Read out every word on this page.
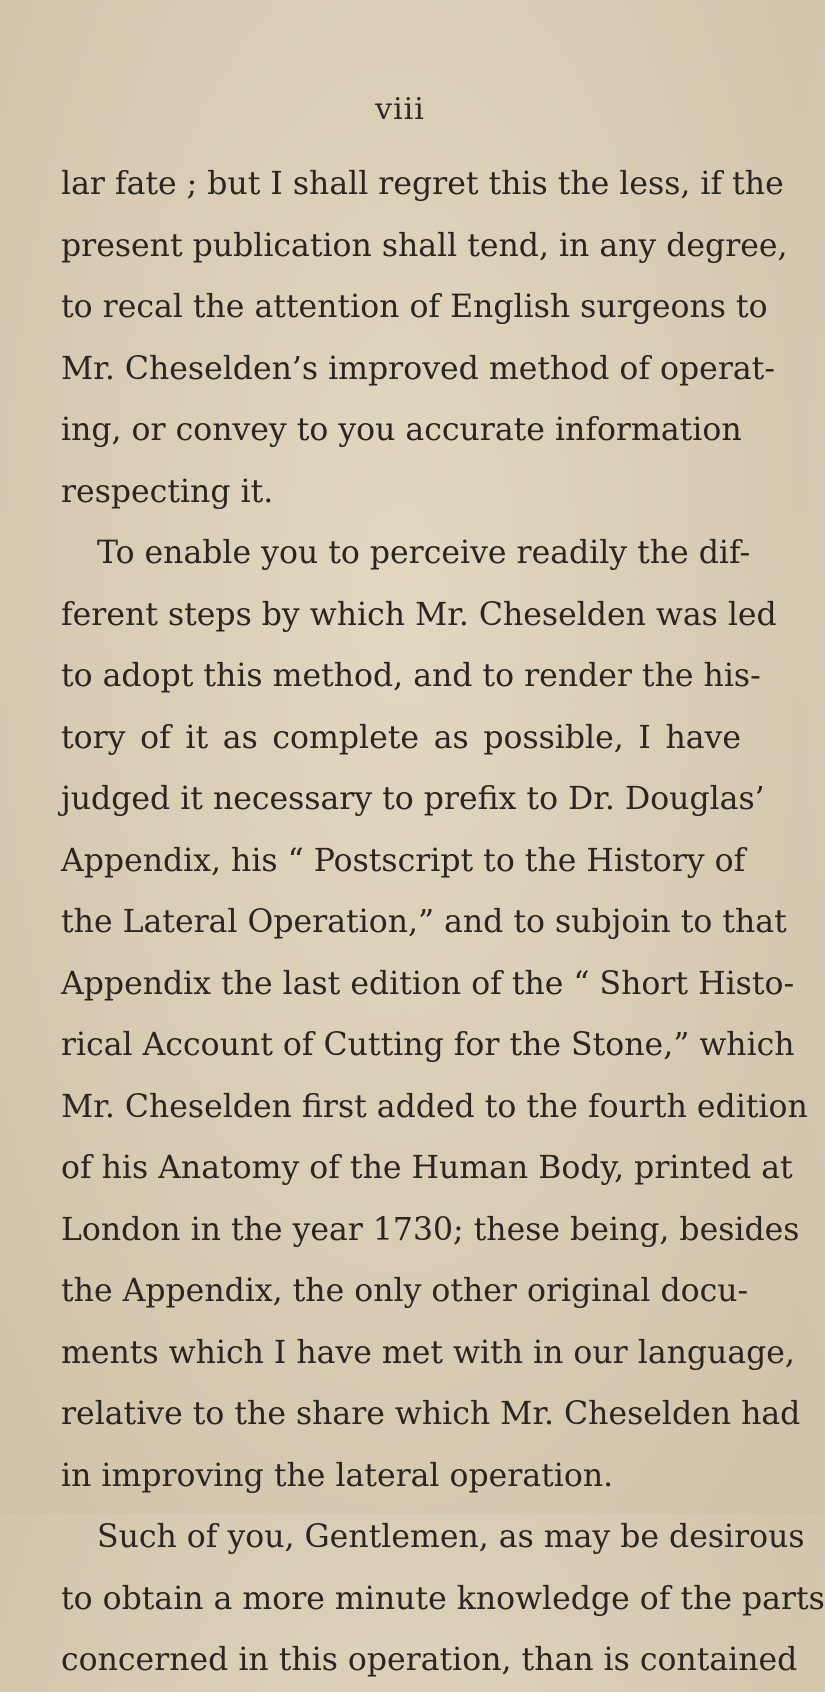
viii
lar fate ; but I shall regret this the less, if the
present publication shall tend, in any degree,
to recal the attention of English surgeons to
Mr. Cheselden’s improved method of operat-
ing, or convey to you accurate information
respecting it.
To enable you to perceive readily the dif-
ferent steps by which Mr. Cheselden was led
to adopt this method, and to render the his-
tory of it as complete as possible, I have
judged it necessary to prefix to Dr. Douglas’
Appendix, his “ Postscript to the History of
the Lateral Operation,” and to subjoin to that
Appendix the last edition of the “ Short Histo-
rical Account of Cutting for the Stone,” which
Mr. Cheselden first added to the fourth edition
of his Anatomy of the Human Body, printed at
London in the year 1730; these being, besides
the Appendix, the only other original docu-
ments which I have met with in our language,
relative to the share which Mr. Cheselden had
in improving the lateral operation.
Such of you, Gentlemen, as may be desirous
to obtain a more minute knowledge of the parts
concerned in this operation, than is contained
